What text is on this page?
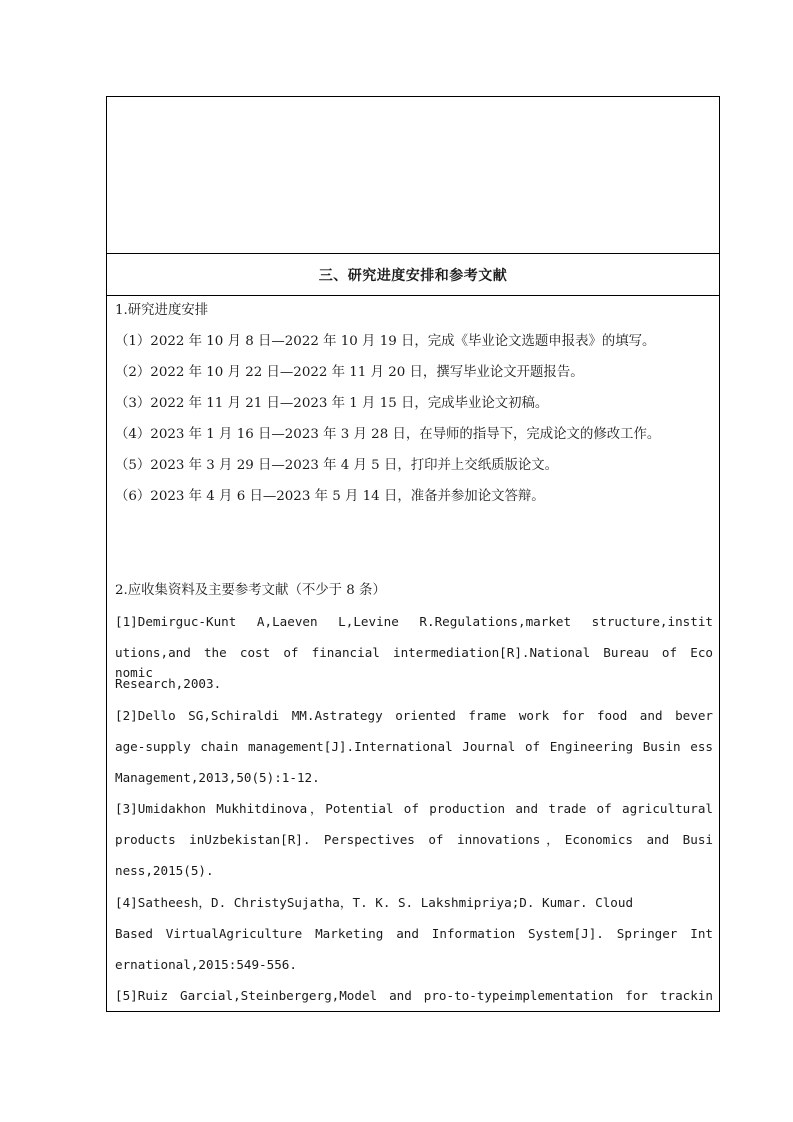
三、研究进度安排和参考文献
1.研究进度安排
（1）2022 年 10 月 8 日—2022 年 10 月 19 日，完成《毕业论文选题申报表》的填写。
（2）2022 年 10 月 22 日—2022 年 11 月 20 日，撰写毕业论文开题报告。
（3）2022 年 11 月 21 日—2023 年 1 月 15 日，完成毕业论文初稿。
（4）2023 年 1 月 16 日—2023 年 3 月 28 日，在导师的指导下，完成论文的修改工作。
（5）2023 年 3 月 29 日—2023 年 4 月 5 日，打印并上交纸质版论文。
（6）2023 年 4 月 6 日—2023 年 5 月 14 日，准备并参加论文答辩。
2.应收集资料及主要参考文献（不少于 8 条）
[1]Demirguc-Kunt A,Laeven L,Levine R.Regulations,market structure,instit
utions,and the cost of financial intermediation[R].National Bureau of Eco nomic
Research,2003.
[2]Dello SG,Schiraldi MM.Astrategy oriented frame work for food and bever
age-supply chain management[J].International Journal of Engineering Busin ess
Management,2013,50(5):1-12.
[3]Umidakhon Mukhitdinova，Potential of production and trade of agricultural
products inUzbekistan[R]. Perspectives of innovations，Economics and Busi
ness,2015(5).
[4]Satheesh，D. ChristySujatha，T. K. S. Lakshmipriya;D. Kumar. Cloud
Based VirtualAgriculture Marketing and Information System[J]. Springer Int
ernational,2015:549-556.
[5]Ruiz Garcial,Steinbergerg,Model and pro-to-typeimplementation for trackin
